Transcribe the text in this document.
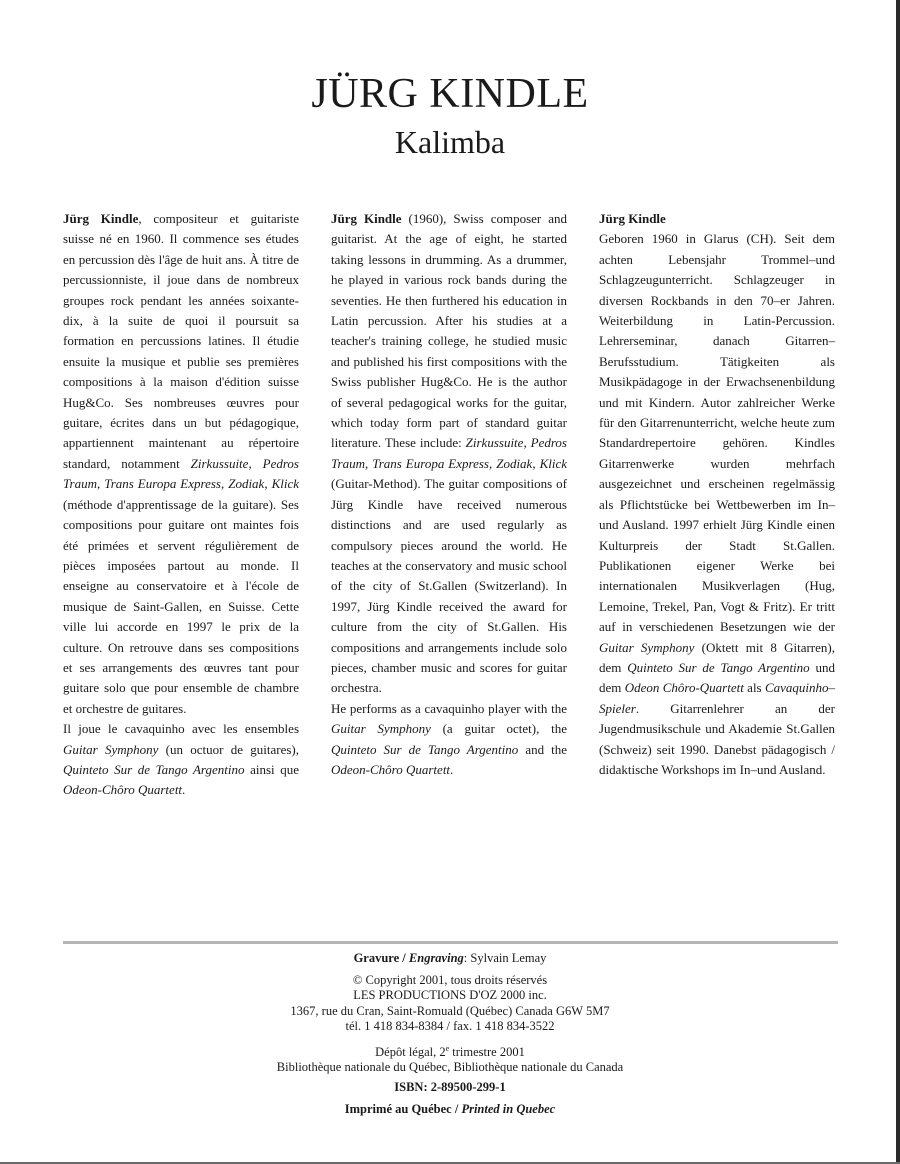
JÜRG KINDLE
Kalimba

Jürg Kindle, compositeur et guitariste suisse né en 1960. Il commence ses études en percussion dès l'âge de huit ans. À titre de percussionniste, il joue dans de nombreux groupes rock pendant les années soixante-dix, à la suite de quoi il poursuit sa formation en percussions latines. Il étudie ensuite la musique et publie ses premières compositions à la maison d'édition suisse Hug&Co. Ses nombreuses œuvres pour guitare, écrites dans un but pédagogique, appartiennent maintenant au répertoire standard, notamment Zirkussuite, Pedros Traum, Trans Europa Express, Zodiak, Klick (méthode d'apprentissage de la guitare). Ses compositions pour guitare ont maintes fois été primées et servent régulièrement de pièces imposées partout au monde. Il enseigne au conservatoire et à l'école de musique de Saint-Gallen, en Suisse. Cette ville lui accorde en 1997 le prix de la culture. On retrouve dans ses compositions et ses arrangements des œuvres tant pour guitare solo que pour ensemble de chambre et orchestre de guitares.

Il joue le cavaquinho avec les ensembles Guitar Symphony (un octuor de guitares), Quinteto Sur de Tango Argentino ainsi que Odeon-Chôro Quartett.

Jürg Kindle (1960), Swiss composer and guitarist. At the age of eight, he started taking lessons in drumming. As a drummer, he played in various rock bands during the seventies. He then furthered his education in Latin percussion. After his studies at a teacher's training college, he studied music and published his first compositions with the Swiss publisher Hug&Co. He is the author of several pedagogical works for the guitar, which today form part of standard guitar literature. These include: Zirkussuite, Pedros Traum, Trans Europa Express, Zodiak, Klick (Guitar-Method). The guitar compositions of Jürg Kindle have received numerous distinctions and are used regularly as compulsory pieces around the world. He teaches at the conservatory and music school of the city of St.Gallen (Switzerland). In 1997, Jürg Kindle received the award for culture from the city of St.Gallen. His compositions and arrangements include solo pieces, chamber music and scores for guitar orchestra.

He performs as a cavaquinho player with the Guitar Symphony (a guitar octet), the Quinteto Sur de Tango Argentino and the Odeon-Chôro Quartett.

Jürg Kindle

Geboren 1960 in Glarus (CH). Seit dem achten Lebensjahr Trommel–und Schlagzeugunterricht. Schlagzeuger in diversen Rockbands in den 70–er Jahren. Weiterbildung in Latin-Percussion. Lehrerseminar, danach Gitarren–Berufsstudium. Tätigkeiten als Musikpädagoge in der Erwachsenenbildung und mit Kindern. Autor zahlreicher Werke für den Gitarrenunterricht, welche heute zum Standardrepertoire gehören. Kindles Gitarrenwerke wurden mehrfach ausgezeichnet und erscheinen regelmässig als Pflichtstücke bei Wettbewerben im In–und Ausland. 1997 erhielt Jürg Kindle einen Kulturpreis der Stadt St.Gallen. Publikationen eigener Werke bei internationalen Musikverlagen (Hug, Lemoine, Trekel, Pan, Vogt & Fritz). Er tritt auf in verschiedenen Besetzungen wie der Guitar Symphony (Oktett mit 8 Gitarren), dem Quinteto Sur de Tango Argentino und dem Odeon Chôro-Quartett als Cavaquinho–Spieler. Gitarrenlehrer an der Jugendmusikschule und Akademie St.Gallen (Schweiz) seit 1990. Danebst pädagogisch / didaktische Workshops im In–und Ausland.

Gravure / Engraving: Sylvain Lemay
© Copyright 2001, tous droits réservés
LES PRODUCTIONS D'OZ 2000 inc.
1367, rue du Cran, Saint-Romuald (Québec) Canada G6W 5M7
tél. 1 418 834-8384 / fax. 1 418 834-3522
Dépôt légal, 2e trimestre 2001
Bibliothèque nationale du Québec, Bibliothèque nationale du Canada
ISBN: 2-89500-299-1
Imprimé au Québec / Printed in Quebec
